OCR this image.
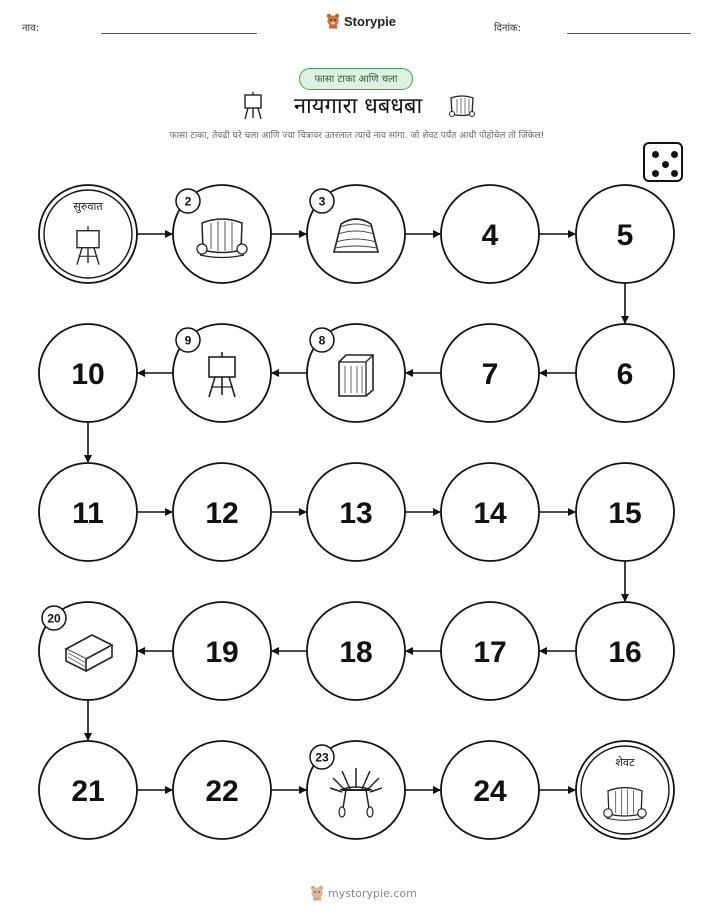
नाव:	Storypie	दिनांक:
फासा टाका आणि चला
नायगारा धबधबा
फासा टाका, तेवढी घरे चला आणि ज्या चित्रावर उतरलात त्याचे नाव सांगा. जो शेवट पर्यंत आधी पोहोचेल तो जिंकेल!
सुरुवात	2	3
4	5
6
7
8
9
10
11	12	13	14	15
16
17
18
19
20
21	22
23
24
शेवट
mystorypie.com
